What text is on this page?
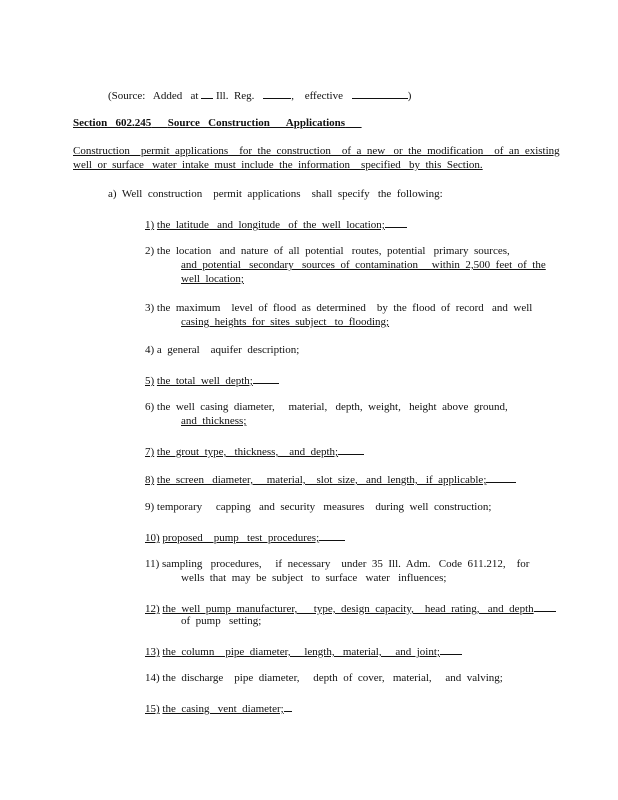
(Source:   Added   at Ill.  Reg.	, effective	)
Section   602.245 Source   Construction      Applications
Construction    permit  applications    for  the  construction    of  a  new   or  the  modification    of  an  existing
well  or  surface   water  intake  must  include  the  information    specified   by  this  Section.
a)  Well  construction    permit  applications    shall  specify   the  following:
1) the  latitude   and  longitude   of  the  well  location;
2) the  location   and  nature  of  all  potential   routes,  potential   primary  sources,
and  potential   secondary   sources  of  contamination     within  2,500  feet  of  the
well  location;
3) the  maximum    level  of  flood  as  determined    by  the  flood  of  record   and  well
casing  heights  for  sites  subject   to  flooding;
4) a  general    aquifer  description;
5) the  total  well  depth;
6) the  well  casing  diameter,     material,   depth,  weight,   height  above  ground,
and  thickness;
7) the  grout  type,   thickness,    and  depth;
8) the  screen   diameter,     material,    slot  size,   and  length,   if  applicable;
9) temporary     capping   and  security   measures    during  well  construction;
10) proposed    pump   test  procedures;
11) sampling   procedures,     if  necessary    under  35  Ill.  Adm.   Code  611.212,    for
wells  that  may  be  subject   to  surface   water   influences;
12) the  well  pump  manufacturer,      type,  design  capacity,    head  rating,   and  depth
of  pump   setting;
13) the  column    pipe  diameter,     length,   material,     and  joint;
14) the  discharge    pipe  diameter,     depth  of  cover,   material,     and  valving;
15) the  casing   vent  diameter;
